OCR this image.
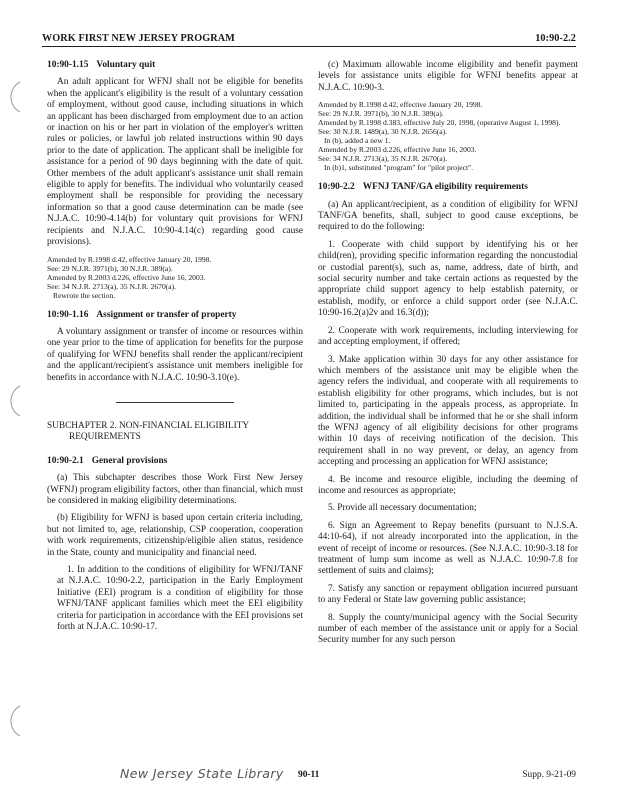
WORK FIRST NEW JERSEY PROGRAM	10:90-2.2
10:90-1.15 Voluntary quit

An adult applicant for WFNJ shall not be eligible for benefits when the applicant's eligibility is the result of a voluntary cessation of employment, without good cause, including situations in which an applicant has been discharged from employment due to an action or inaction on his or her part in violation of the employer's written rules or policies, or lawful job related instructions within 90 days prior to the date of application. The applicant shall be ineligible for assistance for a period of 90 days beginning with the date of quit. Other members of the adult applicant's assistance unit shall remain eligible to apply for benefits. The individual who voluntarily ceased employment shall be responsible for providing the necessary information so that a good cause determination can be made (see N.J.A.C. 10:90-4.14(b) for voluntary quit provisions for WFNJ recipients and N.J.A.C. 10:90-4.14(c) regarding good cause provisions).

Amended by R.1998 d.42, effective January 20, 1998.
See: 29 N.J.R. 3971(b), 30 N.J.R. 389(a).
Amended by R.2003 d.226, effective June 16, 2003.
See: 34 N.J.R. 2713(a), 35 N.J.R. 2670(a).
Rewrote the section.
10:90-1.16 Assignment or transfer of property

A voluntary assignment or transfer of income or resources within one year prior to the time of application for benefits for the purpose of qualifying for WFNJ benefits shall render the applicant/recipient and the applicant/recipient's assistance unit members ineligible for benefits in accordance with N.J.A.C. 10:90-3.10(e).

SUBCHAPTER 2. NON-FINANCIAL ELIGIBILITY
REQUIREMENTS
10:90-2.1 General provisions

(a) This subchapter describes those Work First New Jersey (WFNJ) program eligibility factors, other than financial, which must be considered in making eligibility determinations.

(b) Eligibility for WFNJ is based upon certain criteria including, but not limited to, age, relationship, CSP cooperation, cooperation with work requirements, citizenship/eligible alien status, residence in the State, county and municipality and financial need.

1. In addition to the conditions of eligibility for WFNJ/TANF at N.J.A.C. 10:90-2.2, participation in the Early Employment Initiative (EEI) program is a condition of eligibility for those WFNJ/TANF applicant families which meet the EEI eligibility criteria for participation in accordance with the EEI provisions set forth at N.J.A.C. 10:90-17.

(c) Maximum allowable income eligibility and benefit payment levels for assistance units eligible for WFNJ benefits appear at N.J.A.C. 10:90-3.

Amended by R.1998 d.42, effective January 20, 1998.
See: 29 N.J.R. 3971(b), 30 N.J.R. 389(a).
Amended by R.1998 d.383, effective July 20, 1998, (operative August 1, 1998).
See: 30 N.J.R. 1489(a), 30 N.J.R. 2656(a).
In (b), added a new 1.
Amended by R.2003 d.226, effective June 16, 2003.
See: 34 N.J.R. 2713(a), 35 N.J.R. 2670(a).
In (b)1, substituted "program" for "pilot project".
10:90-2.2 WFNJ TANF/GA eligibility requirements

(a) An applicant/recipient, as a condition of eligibility for WFNJ TANF/GA benefits, shall, subject to good cause exceptions, be required to do the following:

1. Cooperate with child support by identifying his or her child(ren), providing specific information regarding the noncustodial or custodial parent(s), such as, name, address, date of birth, and social security number and take certain actions as requested by the appropriate child support agency to help establish paternity, or establish, modify, or enforce a child support order (see N.J.A.C. 10:90-16.2(a)2v and 16.3(d));

2. Cooperate with work requirements, including interviewing for and accepting employment, if offered;

3. Make application within 30 days for any other assistance for which members of the assistance unit may be eligible when the agency refers the individual, and cooperate with all requirements to establish eligibility for other programs, which includes, but is not limited to, participating in the appeals process, as appropriate. In addition, the individual shall be informed that he or she shall inform the WFNJ agency of all eligibility decisions for other programs within 10 days of receiving notification of the decision. This requirement shall in no way prevent, or delay, an agency from accepting and processing an application for WFNJ assistance;

4. Be income and resource eligible, including the deeming of income and resources as appropriate;

5. Provide all necessary documentation;

6. Sign an Agreement to Repay benefits (pursuant to N.J.S.A. 44:10-64), if not already incorporated into the application, in the event of receipt of income or resources. (See N.J.A.C. 10:90-3.18 for treatment of lump sum income as well as N.J.A.C. 10:90-7.8 for settlement of suits and claims);

7. Satisfy any sanction or repayment obligation incurred pursuant to any Federal or State law governing public assistance;

8. Supply the county/municipal agency with the Social Security number of each member of the assistance unit or apply for a Social Security number for any such person

New Jersey State Library 90-11	Supp. 9-21-09
